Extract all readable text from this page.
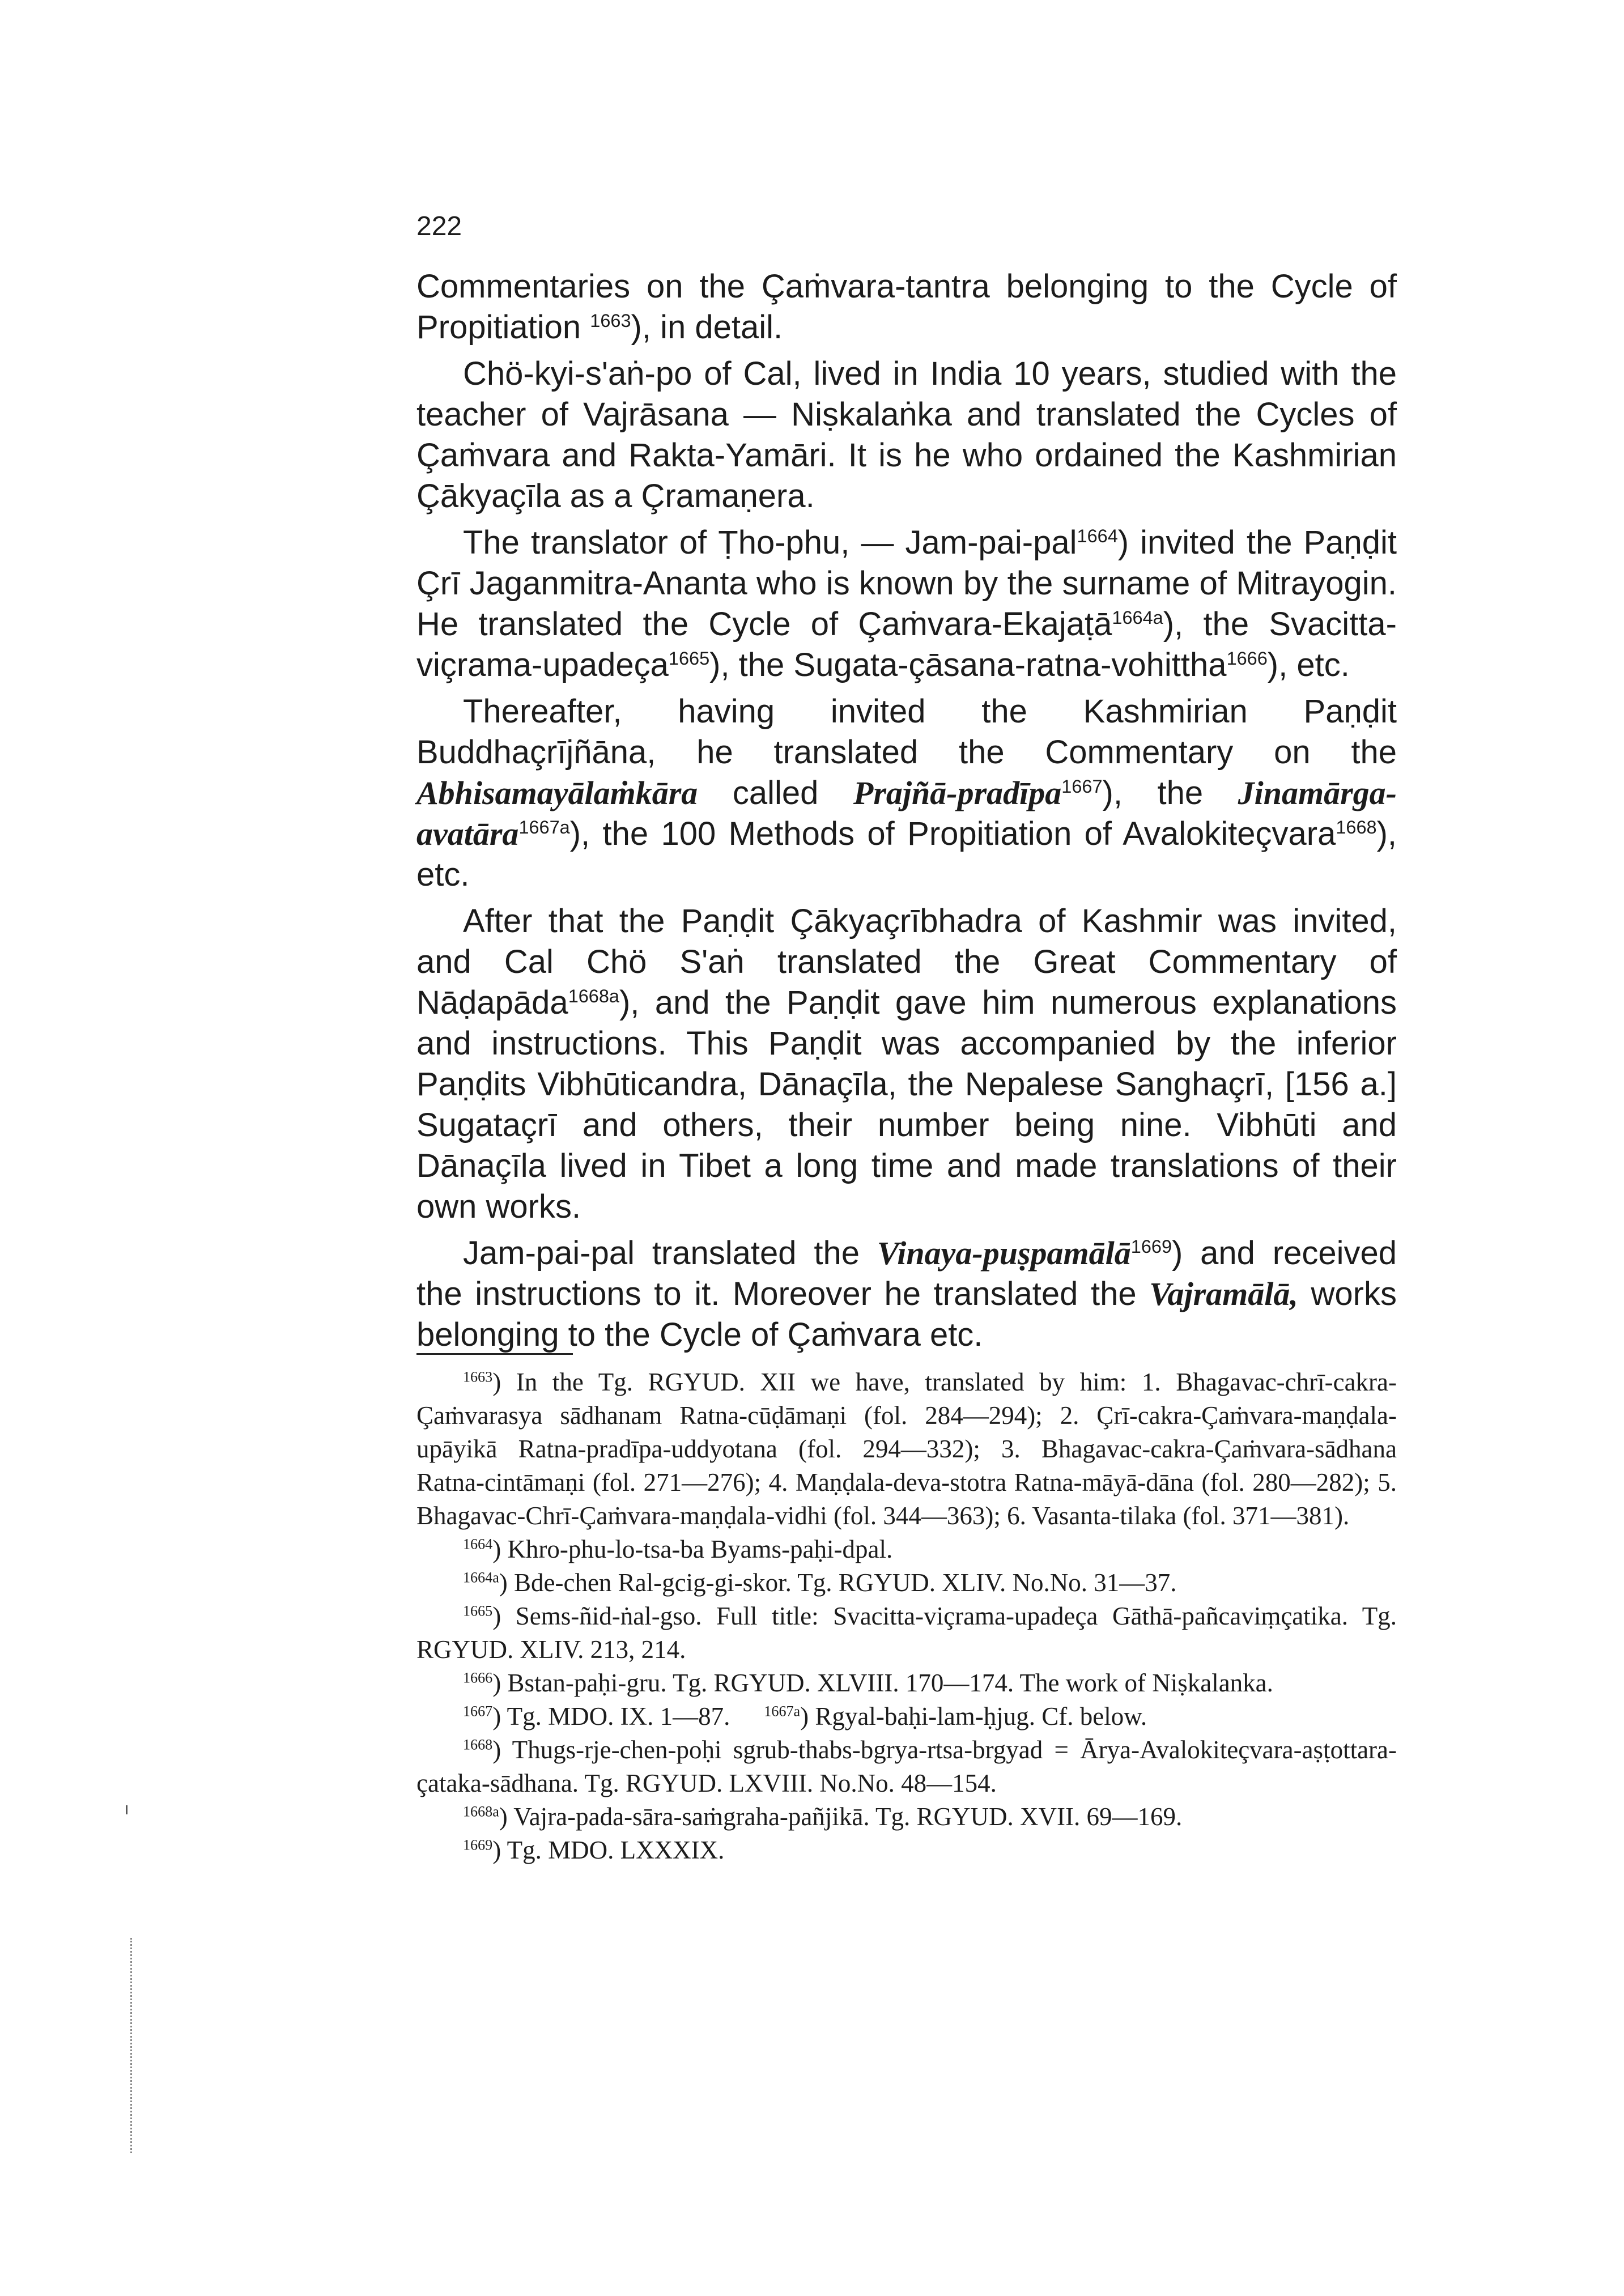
222

Commentaries on the Çaṁvara-tantra belonging to the Cycle of Propitiation $^{1663}$), in detail.

Chö-kyi-s'aṅ-po of Cal, lived in India 10 years, studied with the teacher of Vajrāsana — Niṣkalaṅka and translated the Cycles of Çaṁvara and Rakta-Yamāri. It is he who ordained the Kashmirian Çākyaçīla as a Çramaṇera.

The translator of Ṭho-phu, — Jam-pai-pal$^{1664}$) invited the Paṇḍit Çrī Jaganmitra-Ananta who is known by the surname of Mitrayogin. He translated the Cycle of Çaṁvara-Ekajaṭā$^{1664a}$), the Svacitta-viçrama-upadeça$^{1665}$), the Sugata-çāsana-ratna-vohittha$^{1666}$), etc.

Thereafter, having invited the Kashmirian Paṇḍit Buddhaçrījñāna, he translated the Commentary on the Abhisamayālaṁkāra called Prajñā-pradīpa$^{1667}$), the Jinamārga-avatāra$^{1667a}$), the 100 Methods of Propitiation of Avalokiteçvara$^{1668}$), etc.

After that the Paṇḍit Çākyaçrībhadra of Kashmir was invited, and Cal Chö S'aṅ translated the Great Commentary of Nāḍapāda$^{1668a}$), and the Paṇḍit gave him numerous explanations and instructions. This Paṇḍit was accompanied by the inferior Paṇḍits Vibhūticandra, Dānaçīla, the Nepalese Sanghaçrī, [156 a.] Sugataçrī and others, their number being nine. Vibhūti and Dānaçīla lived in Tibet a long time and made translations of their own works.

Jam-pai-pal translated the Vinaya-puṣpamālā$^{1669}$) and received the instructions to it. Moreover he translated the Vajramālā, works belonging to the Cycle of Çaṁvara etc.

$^{1663}$) In the Tg. RGYUD. XII we have, translated by him: 1. Bhagavac-chrī-cakra-Çaṁvarasya sādhanam Ratna-cūḍāmaṇi (fol. 284—294); 2. Çrī-cakra-Çaṁvara-maṇḍala-upāyikā Ratna-pradīpa-uddyotana (fol. 294—332); 3. Bhagavac-cakra-Çaṁvara-sādhana Ratna-cintāmaṇi (fol. 271—276); 4. Maṇḍala-deva-stotra Ratna-māyā-dāna (fol. 280—282); 5. Bhagavac-Chrī-Çaṁvara-maṇḍala-vidhi (fol. 344—363); 6. Vasanta-tilaka (fol. 371—381).

$^{1664}$) Khro-phu-lo-tsa-ba Byams-paḥi-dpal.

$^{1664a}$) Bde-chen Ral-gcig-gi-skor. Tg. RGYUD. XLIV. No.No. 31—37.

$^{1665}$) Sems-ñid-ṅal-gso. Full title: Svacitta-viçrama-upadeça Gāthā-pañcaviṃçatika. Tg. RGYUD. XLIV. 213, 214.

$^{1666}$) Bstan-paḥi-gru. Tg. RGYUD. XLVIII. 170—174. The work of Niṣkalanka.

$^{1667}$) Tg. MDO. IX. 1—87. $^{1667a}$) Rgyal-baḥi-lam-ḥjug. Cf. below.

$^{1668}$) Thugs-rje-chen-poḥi sgrub-thabs-bgrya-rtsa-brgyad = Ārya-Avalokiteçvara-aṣṭottara-çataka-sādhana. Tg. RGYUD. LXVIII. No.No. 48—154.

$^{1668a}$) Vajra-pada-sāra-saṁgraha-pañjikā. Tg. RGYUD. XVII. 69—169.

$^{1669}$) Tg. MDO. LXXXIX.
